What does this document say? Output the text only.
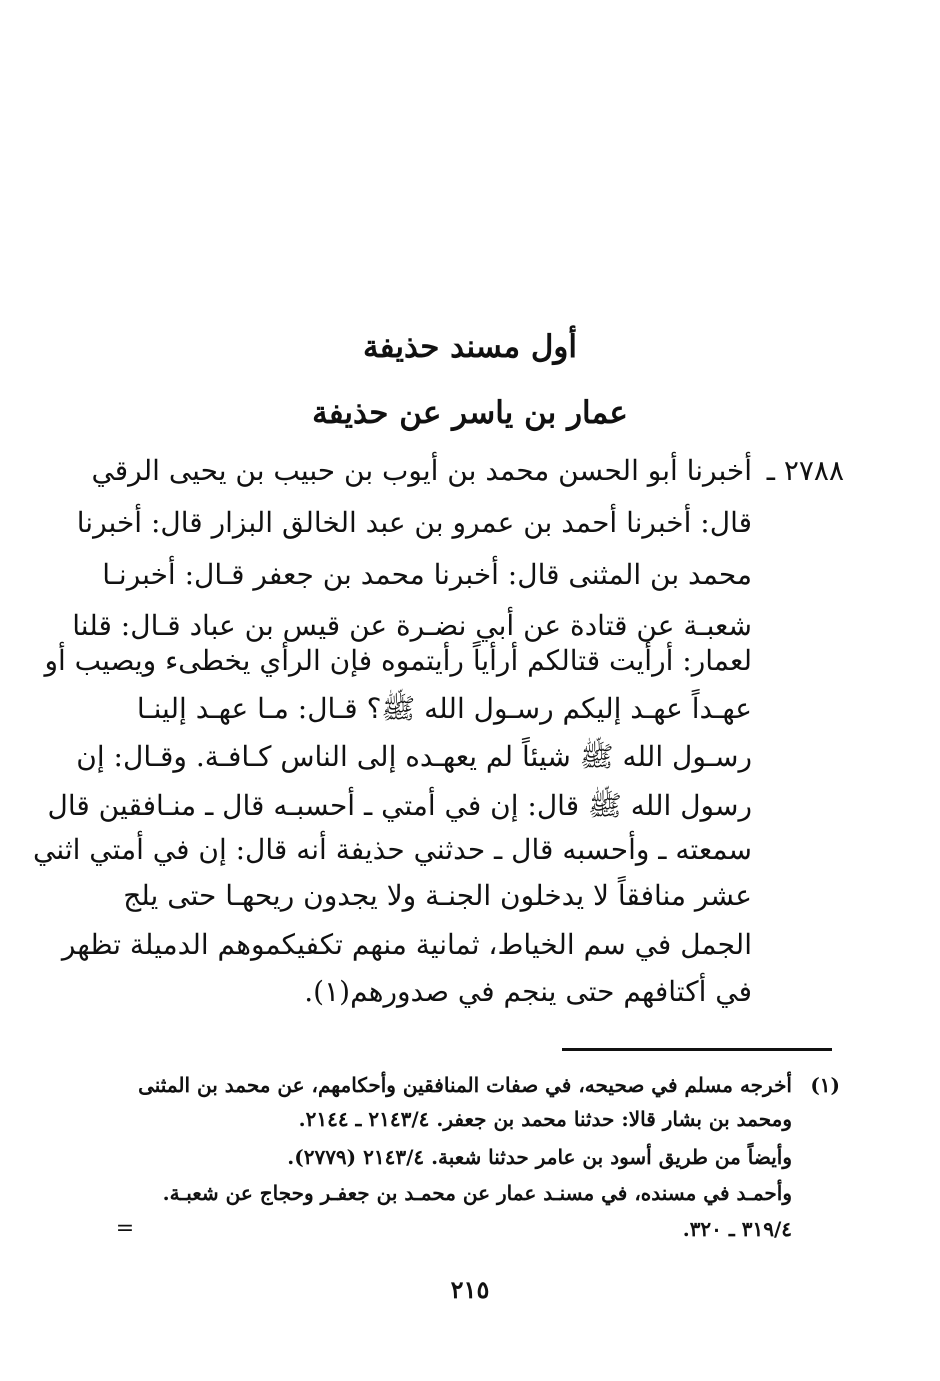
أول مسند حذيفة
عمار بن ياسر عن حذيفة
٢٧٨٨ ـ
أخبرنا أبو الحسن محمد بن أيوب بن حبيب بن يحيى الرقي
قال: أخبرنا أحمد بن عمرو بن عبد الخالق البزار قال: أخبرنا
محمد بن المثنى قال: أخبرنا محمد بن جعفر قـال: أخبرنـا
شعبـة عن قتادة عن أبي نضـرة عن قيس بن عباد قـال: قلنا
لعمار: أرأيت قتالكم أرأياً رأيتموه فإن الرأي يخطىء ويصيب أو
عهـداً عهـد إليكم رسـول الله ﷺ؟ قـال: مـا عهـد إلينـا
رسـول الله ﷺ شيئاً لم يعهـده إلى الناس كـافـة. وقـال: إن
رسول الله ﷺ قال: إن في أمتي ـ أحسبـه قال ـ منـافقين قال
سمعته ـ وأحسبه قال ـ حدثني حذيفة أنه قال: إن في أمتي اثني
عشر منافقاً لا يدخلون الجنـة ولا يجدون ريحهـا حتى يلج
الجمل في سم الخياط، ثمانية منهم تكفيكموهم الدميلة تظهر
في أكتافهم حتى ينجم في صدورهم(١).
(١)
أخرجه مسلم في صحيحه، في صفات المنافقين وأحكامهم، عن محمد بن المثنى
ومحمد بن بشار قالا: حدثنا محمد بن جعفر. ٢١٤٣/٤ ـ ٢١٤٤.
وأيضاً من طريق أسود بن عامر حدثنا شعبة. ٢١٤٣/٤ (٢٧٧٩).
وأحمـد في مسنده، في مسنـد عمار عن محمـد بن جعفـر وحجاج عن شعبـة.
٣١٩/٤ ـ ٣٢٠.
=
٢١٥
